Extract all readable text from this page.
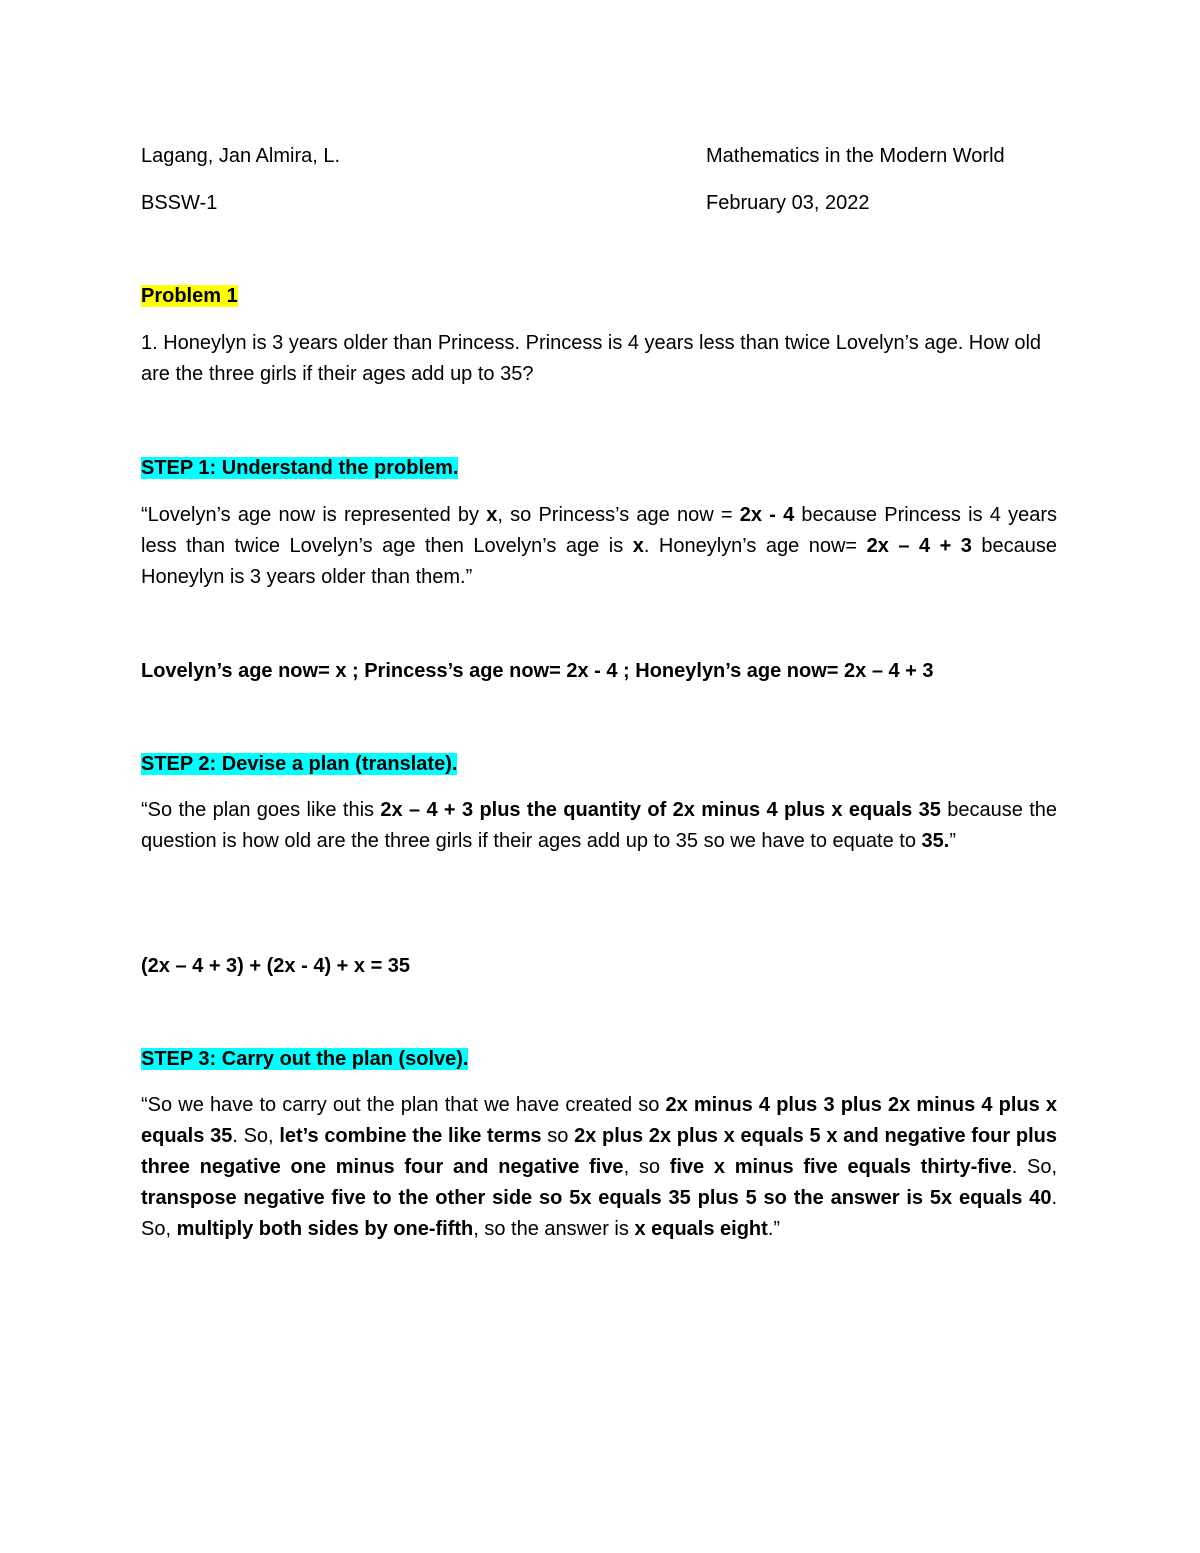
Lagang, Jan Almira, L.	Mathematics in the Modern World
BSSW-1	February 03, 2022
Problem 1
1. Honeylyn is 3 years older than Princess. Princess is 4 years less than twice Lovelyn’s age. How old are the three girls if their ages add up to 35?
STEP 1: Understand the problem.
“Lovelyn’s age now is represented by x, so Princess’s age now = 2x - 4 because Princess is 4 years less than twice Lovelyn’s age then Lovelyn’s age is x. Honeylyn’s age now= 2x – 4 + 3 because Honeylyn is 3 years older than them.”
Lovelyn’s age now= x ; Princess’s age now= 2x - 4 ; Honeylyn’s age now= 2x – 4 + 3
STEP 2: Devise a plan (translate).
“So the plan goes like this 2x – 4 + 3 plus the quantity of 2x minus 4 plus x equals 35 because the question is how old are the three girls if their ages add up to 35 so we have to equate to 35.”
(2x – 4 + 3) + (2x - 4) + x = 35
STEP 3: Carry out the plan (solve).
“So we have to carry out the plan that we have created so 2x minus 4 plus 3 plus 2x minus 4 plus x equals 35. So, let’s combine the like terms so 2x plus 2x plus x equals 5 x and negative four plus three negative one minus four and negative five, so five x minus five equals thirty-five. So, transpose negative five to the other side so 5x equals 35 plus 5 so the answer is 5x equals 40. So, multiply both sides by one-fifth, so the answer is x equals eight.”
